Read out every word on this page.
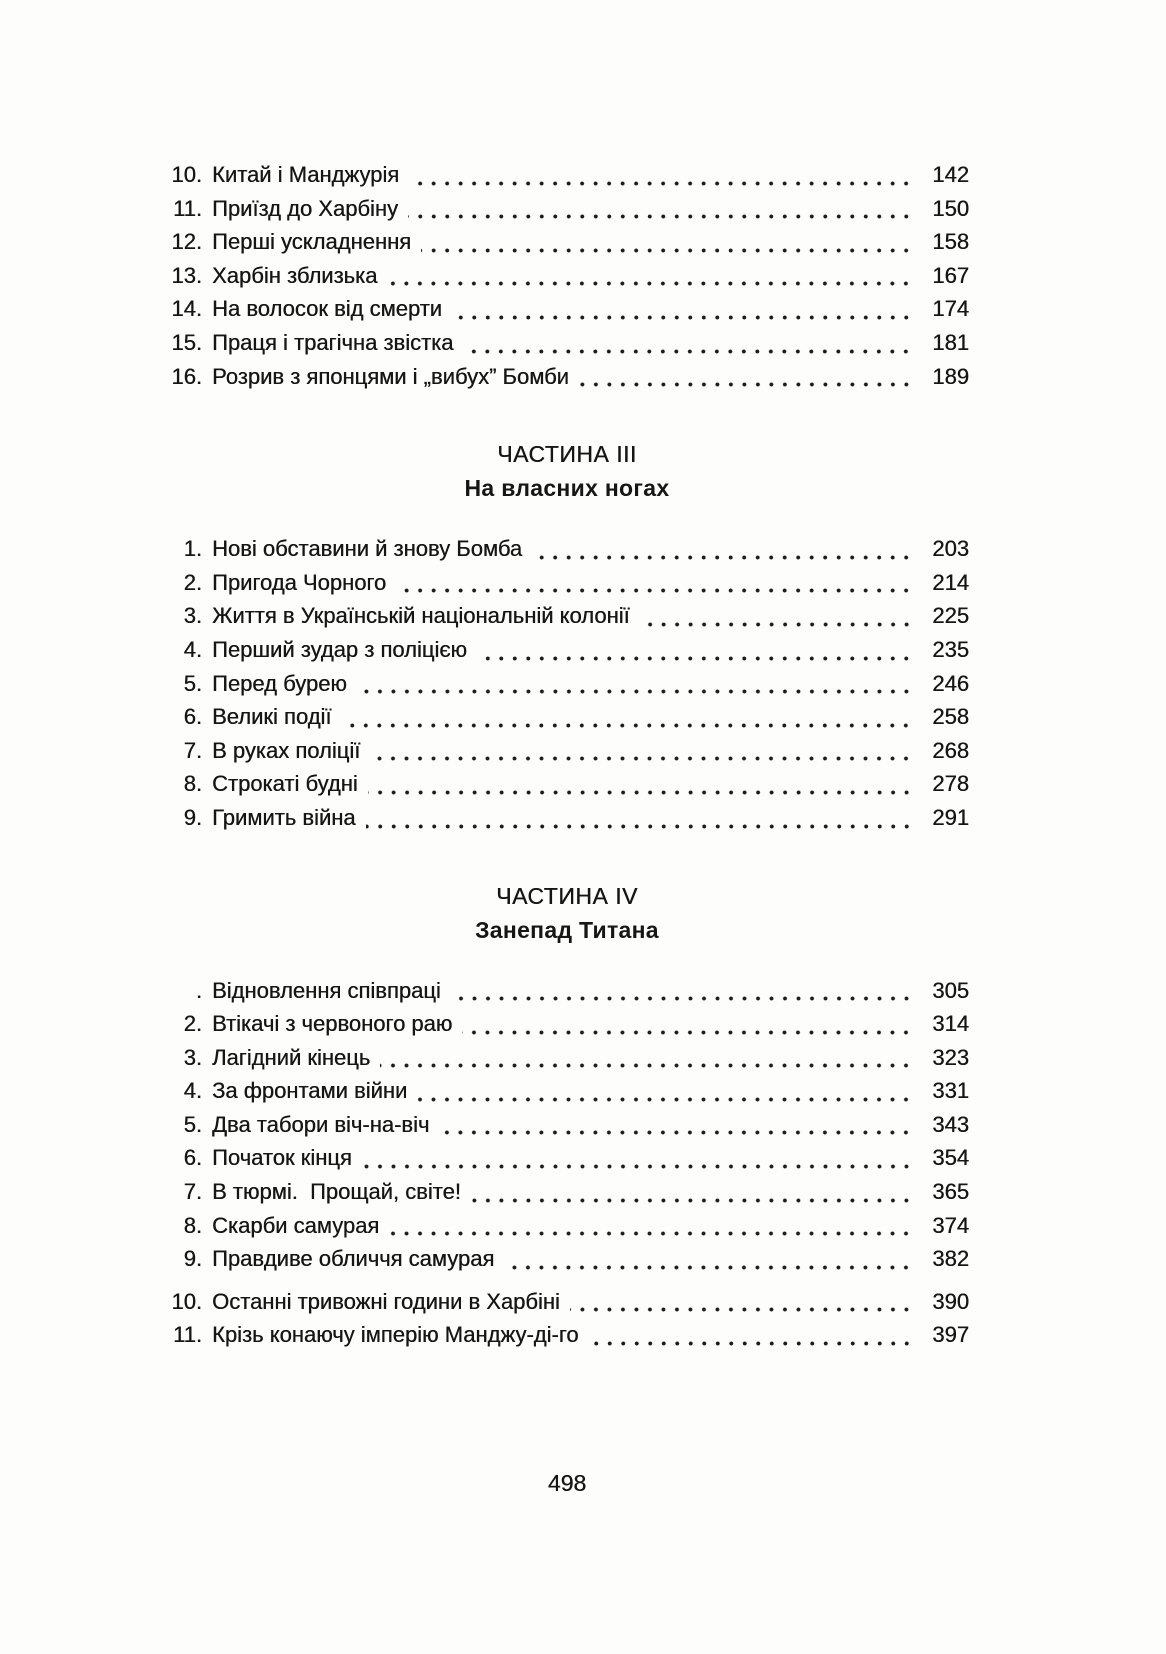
10. Китай і Манджурія	142
11. Приїзд до Харбіну	150
12. Перші ускладнення	158
13. Харбін зблизька	167
14. На волосок від смерти	174
15. Праця і трагічна звістка	181
16. Розрив з японцями і „вибух” Бомби	189
ЧАСТИНА III
На власних ногах
1. Нові обставини й знову Бомба	203
2. Пригода Чорного	214
3. Життя в Українській національній колонії	225
4. Перший зудар з поліцією	235
5. Перед бурею	246
6. Великі події	258
7. В руках поліції	268
8. Строкаті будні	278
9. Гримить війна	291
ЧАСТИНА IV
Занепад Титана
. Відновлення співпраці	305
2. Втікачі з червоного раю	314
3. Лагідний кінець	323
4. За фронтами війни	331
5. Два табори віч-на-віч	343
6. Початок кінця	354
7. В тюрмі.  Прощай, світе!	365
8. Скарби самурая	374
9. Правдиве обличчя самурая	382
10. Останні тривожні години в Харбіні	390
11. Крізь конаючу імперію Манджу-ді-го	397
498
